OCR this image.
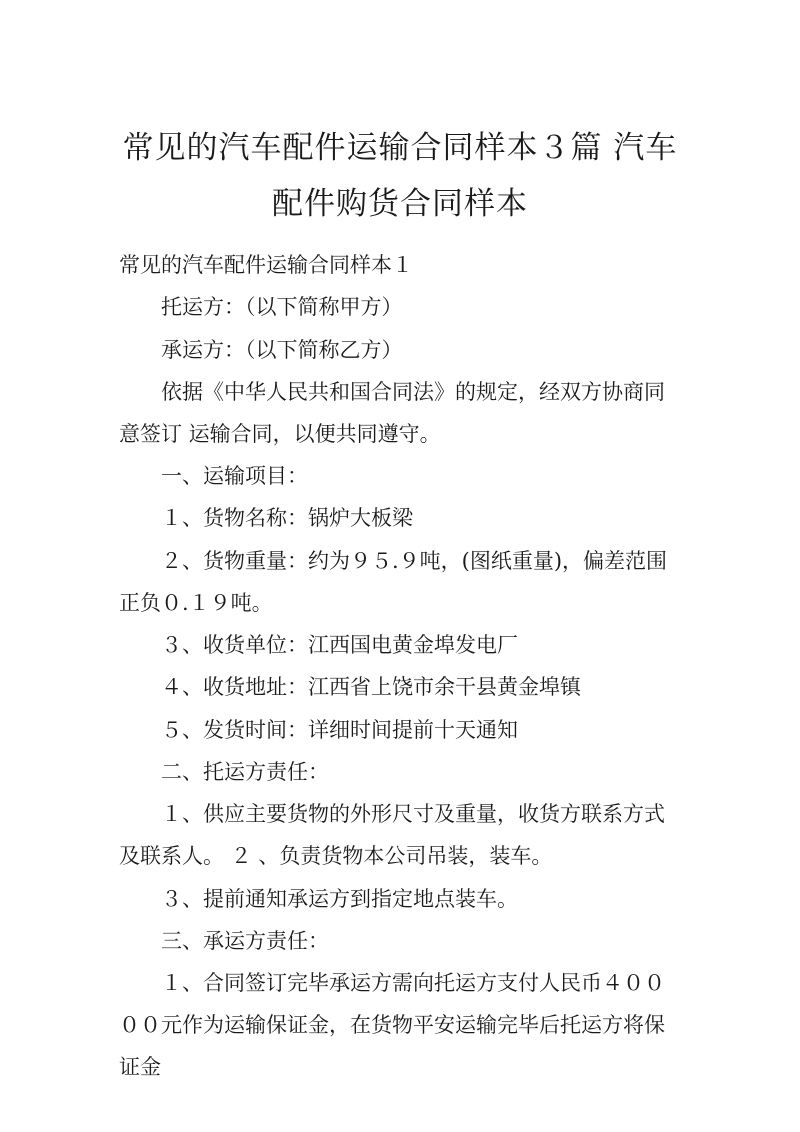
常见的汽车配件运输合同样本３篇 汽车配件购货合同样本

常见的汽车配件运输合同样本１

托运方：（以下简称甲方）

承运方：（以下简称乙方）

依据《中华人民共和国合同法》的规定，经双方协商同意签订 运输合同，以便共同遵守。

一、运输项目：

１、货物名称：锅炉大板梁

２、货物重量：约为９５.９吨，(图纸重量)，偏差范围正负０.１９吨。

３、收货单位：江西国电黄金埠发电厂

４、收货地址：江西省上饶市余干县黄金埠镇

５、发货时间：详细时间提前十天通知

二、托运方责任：

１、供应主要货物的外形尺寸及重量，收货方联系方式及联系人。 ２ 、负责货物本公司吊装，装车。

３、提前通知承运方到指定地点装车。

三、承运方责任：

１、合同签订完毕承运方需向托运方支付人民币４００００元作为运输保证金，在货物平安运输完毕后托运方将保证金
